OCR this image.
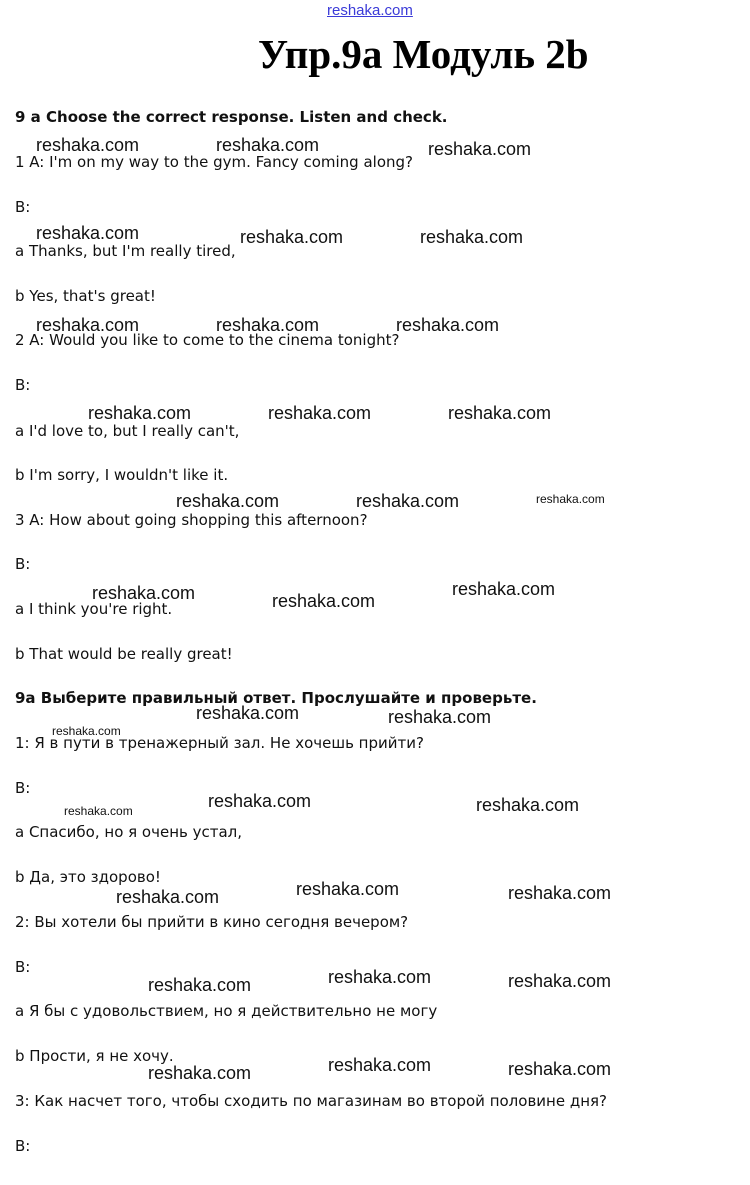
reshaka.com
Упр.9a Модуль 2b

9 a Choose the correct response. Listen and check.

1 A: I'm on my way to the gym. Fancy coming along?

B:

a Thanks, but I'm really tired,

b Yes, that's great!

2 A: Would you like to come to the cinema tonight?

B:

a I'd love to, but I really can't,

b I'm sorry, I wouldn't like it.

3 A: How about going shopping this afternoon?

B:

a I think you're right.

b That would be really great!

9a Выберите правильный ответ. Прослушайте и проверьте.

1: Я в пути в тренажерный зал. Не хочешь прийти?

B:

a Спасибо, но я очень устал,

b Да, это здорово!

2: Вы хотели бы прийти в кино сегодня вечером?

B:

a Я бы с удовольствием, но я действительно не могу

b Прости, я не хочу.

3: Как насчет того, чтобы сходить по магазинам во второй половине дня?

B:

reshaka.com	reshaka.com	reshaka.com
reshaka.com	reshaka.com	reshaka.com
reshaka.com	reshaka.com	reshaka.com
reshaka.com	reshaka.com	reshaka.com
reshaka.com	reshaka.com	reshaka.com
reshaka.com	reshaka.com
reshaka.com
reshaka.com	reshaka.com
reshaka.com
reshaka.com	reshaka.com	reshaka.com
reshaka.com	reshaka.com	reshaka.com
reshaka.com	reshaka.com	reshaka.com
reshaka.com	reshaka.com	reshaka.com
